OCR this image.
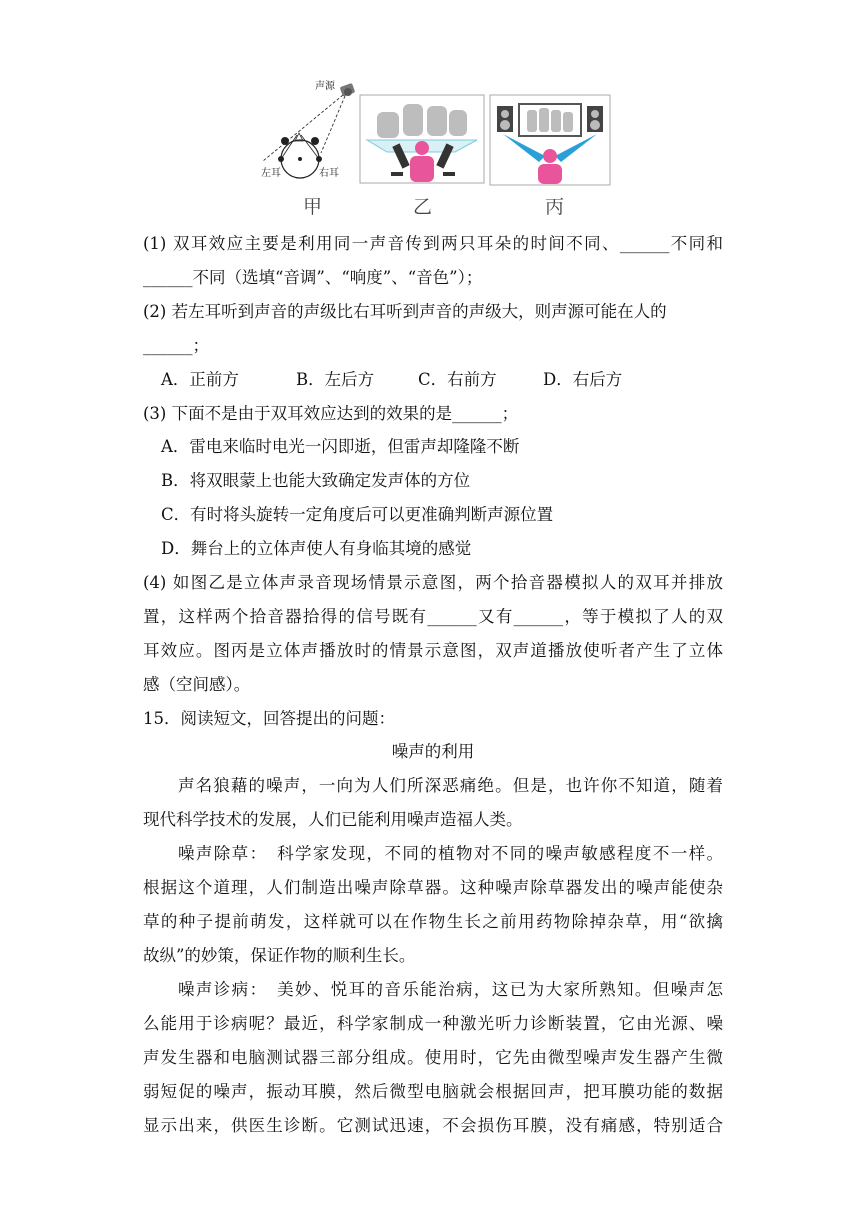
声源
左耳	右耳
甲	乙	丙
(1) 双耳效应主要是利用同一声音传到两只耳朵的时间不同、______不同和
______不同（选填“音调”、“响度”、“音色”）；
(2) 若左耳听到声音的声级比右耳听到声音的声级大，则声源可能在人的
______；
A．正前方	B．左后方	C．右前方	D．右后方
(3) 下面不是由于双耳效应达到的效果的是______；
A．雷电来临时电光一闪即逝，但雷声却隆隆不断
B．将双眼蒙上也能大致确定发声体的方位
C．有时将头旋转一定角度后可以更准确判断声源位置
D．舞台上的立体声使人有身临其境的感觉
(4) 如图乙是立体声录音现场情景示意图，两个拾音器模拟人的双耳并排放
置，这样两个拾音器拾得的信号既有______又有______，等于模拟了人的双
耳效应。图丙是立体声播放时的情景示意图，双声道播放使听者产生了立体
感（空间感）。
15．阅读短文，回答提出的问题：
噪声的利用
声名狼藉的噪声，一向为人们所深恶痛绝。但是，也许你不知道，随着
现代科学技术的发展，人们已能利用噪声造福人类。
噪声除草：　科学家发现，不同的植物对不同的噪声敏感程度不一样。
根据这个道理，人们制造出噪声除草器。这种噪声除草器发出的噪声能使杂
草的种子提前萌发，这样就可以在作物生长之前用药物除掉杂草，用“欲擒
故纵”的妙策，保证作物的顺利生长。
噪声诊病：　美妙、悦耳的音乐能治病，这已为大家所熟知。但噪声怎
么能用于诊病呢？最近，科学家制成一种激光听力诊断装置，它由光源、噪
声发生器和电脑测试器三部分组成。使用时，它先由微型噪声发生器产生微
弱短促的噪声，振动耳膜，然后微型电脑就会根据回声，把耳膜功能的数据
显示出来，供医生诊断。它测试迅速，不会损伤耳膜，没有痛感，特别适合
